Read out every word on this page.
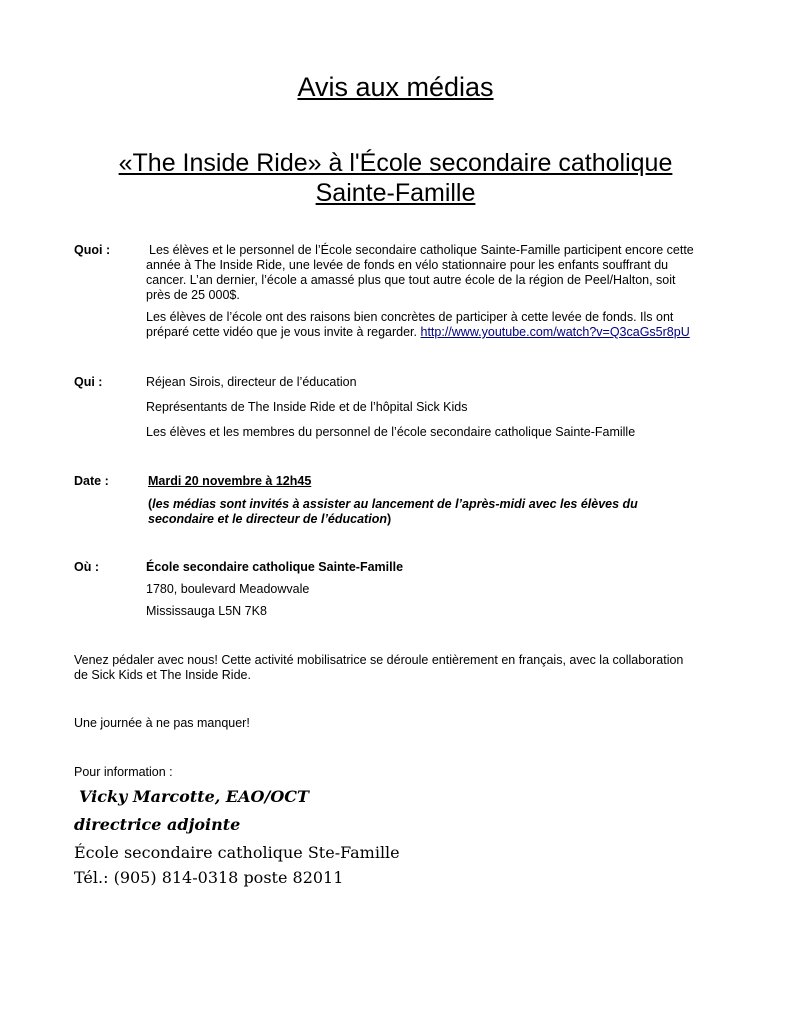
Avis aux médias
«The Inside Ride» à l'École secondaire catholique
Sainte-Famille
Quoi :	Les élèves et le personnel de l’École secondaire catholique Sainte-Famille participent encore cette

année à The Inside Ride, une levée de fonds en vélo stationnaire pour les enfants souffrant du

cancer. L’an dernier, l’école a amassé plus que tout autre école de la région de Peel/Halton, soit

près de 25 000$.

Les élèves de l’école ont des raisons bien concrètes de participer à cette levée de fonds. Ils ont

préparé cette vidéo que je vous invite à regarder. http://www.youtube.com/watch?v=Q3caGs5r8pU

Qui :	Réjean Sirois, directeur de l’éducation

Représentants de The Inside Ride et de l’hôpital Sick Kids

Les élèves et les membres du personnel de l’école secondaire catholique Sainte-Famille

Date :	Mardi 20 novembre à 12h45

(les médias sont invités à assister au lancement de l’après-midi avec les élèves du
secondaire et le directeur de l’éducation)

Où :	École secondaire catholique Sainte-Famille

1780, boulevard Meadowvale

Mississauga L5N 7K8

Venez pédaler avec nous! Cette activité mobilisatrice se déroule entièrement en français, avec la collaboration
de Sick Kids et The Inside Ride.
Une journée à ne pas manquer!
Pour information :
Vicky Marcotte, EAO/OCT
directrice adjointe
École secondaire catholique Ste-Famille
Tél.: (905) 814-0318 poste 82011
